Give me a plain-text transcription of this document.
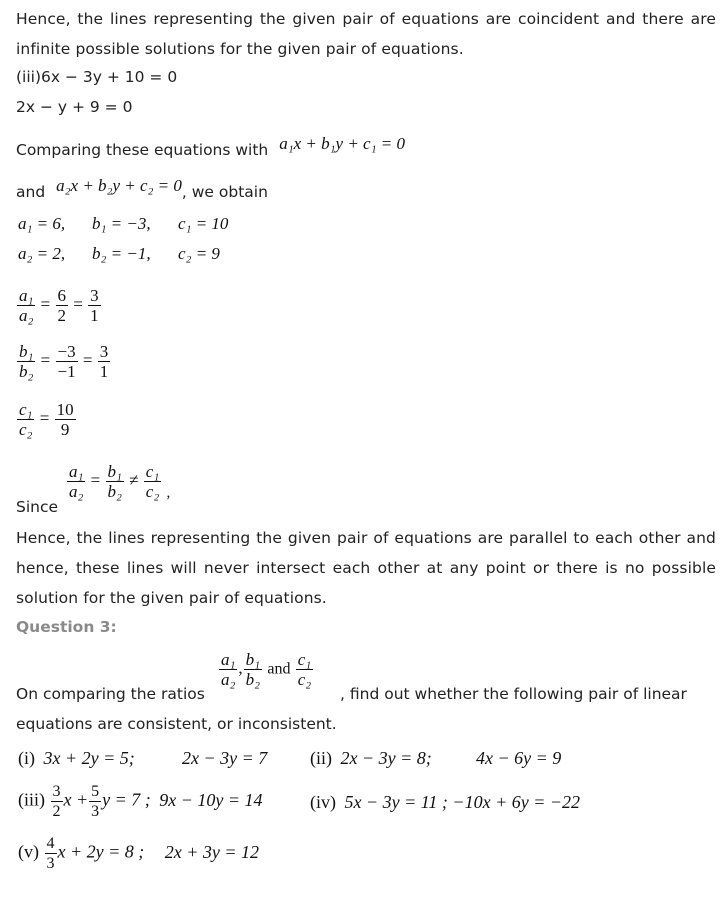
Hence, the lines representing the given pair of equations are coincident and there are infinite possible solutions for the given pair of equations.
(iii)6x − 3y + 10 = 0
2x − y + 9 = 0
Comparing these equations with a₁x + b₁y + c₁ = 0
and a₂x + b₂y + c₂ = 0, we obtain
a₁ = 6, b₁ = −3, c₁ = 10
a₂ = 2, b₂ = −1, c₂ = 9
$\frac{\text{a₁}}{\text{a₂}} = \frac{6}{2} = \frac{3}{1}$
$\frac{\text{b₁}}{\text{b₂}} = \frac{-3}{-1} = \frac{3}{1}$
$\frac{\text{c₁}}{\text{c₂}} = \frac{10}{9}$
Since
$\frac{\text{a₁}}{\text{a₂}} = \frac{\text{b₁}}{\text{b₂}} \ne \frac{\text{c₁}}{\text{c₂}}$ ,
Hence, the lines representing the given pair of equations are parallel to each other and hence, these lines will never intersect each other at any point or there is no possible solution for the given pair of equations.
Question 3:
$\frac{\text{a₁}}{\text{a₂}}$ , $\frac{\text{b₁}}{\text{b₂}}$ and $\frac{\text{c₁}}{\text{c₂}}$
On comparing the ratios	, find out whether the following pair of linear
equations are consistent, or inconsistent.
(i) 3x + 2y = 5;	2x − 3y = 7 (ii) 2x − 3y = 8; 4x − 6y = 9
$(iii) \frac{3}{2}$ $x + \frac{5}{3}$ y = 7 ; 9x − 10y = 14	(iv) 5x − 3y = 11 ; −10x + 6y = −22
$(v) \frac{4}{3}$ x + 2y = 8 ; 2x + 3y = 12
